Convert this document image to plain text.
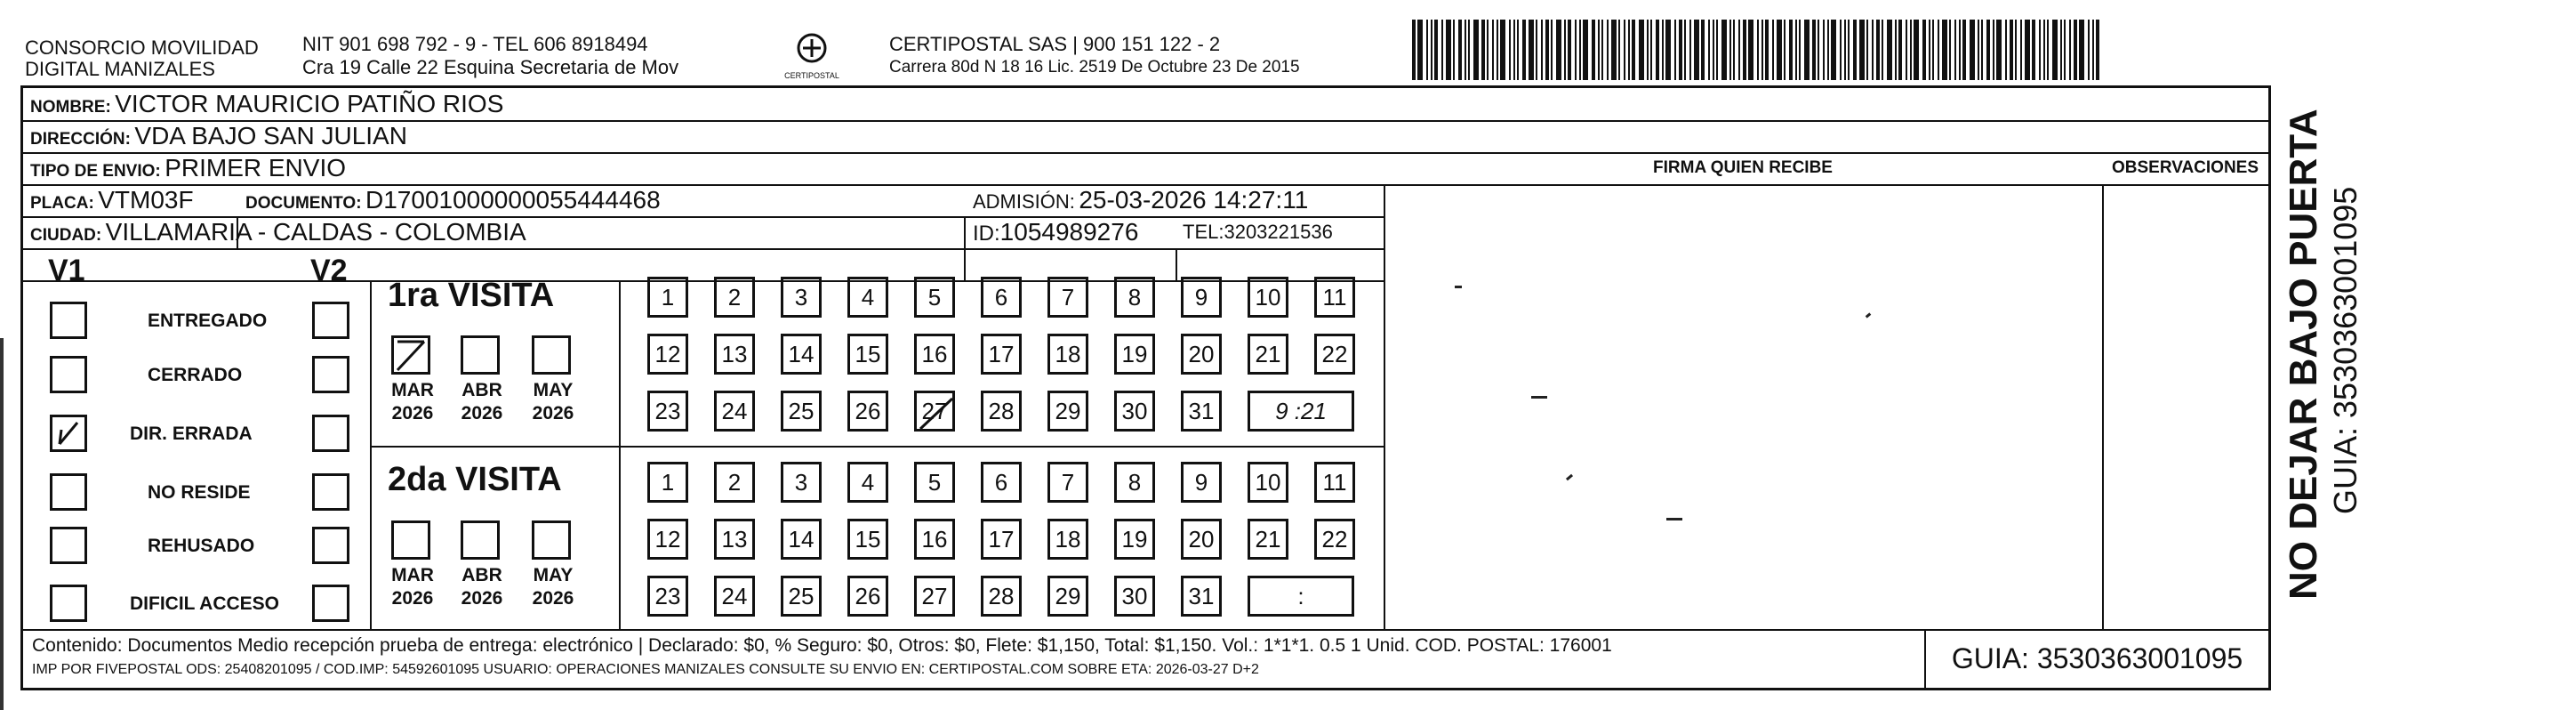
CONSORCIO MOVILIDAD
DIGITAL MANIZALES
NIT 901 698 792 - 9 - TEL 606 8918494
Cra 19 Calle 22 Esquina Secretaria de Mov	CERTIPOSTAL
CERTIPOSTAL SAS | 900 151 122 - 2
Carrera 80d N 18 16 Lic. 2519 De Octubre 23 De 2015
NOMBRE: VICTOR MAURICIO PATIÑO RIOS
DIRECCIÓN: VDA BAJO SAN JULIAN
TIPO DE ENVIO: PRIMER ENVIO	FIRMA QUIEN RECIBE	OBSERVACIONES
PLACA: VTM03F	DOCUMENTO: D17001000000055444468	ADMISIÓN: 25-03-2026 14:27:11
CIUDAD: VILLAMARIA - CALDAS - COLOMBIA	ID:1054989276 TEL:3203221536
V1	V2
ENTREGADO
CERRADO
DIR. ERRADA
NO RESIDE
REHUSADO
DIFICIL ACCESO
1ra VISITA
2da VISITA
MAR
2026
ABR
2026
MAY
2026
1	2	3	4	5	6	7	8	9	10	11
12	13	14	15	16	17	18	19	20	21	22
23	24	25	26	27	28	29	30	31	9 :21
MAR
2026
ABR
2026
MAY
2026
1	2	3	4	5	6	7	8	9	10	11
12	13	14	15	16	17	18	19	20	21	22
23	24	25	26	27	28	29	30	31	:
Contenido: Documentos Medio recepción prueba de entrega: electrónico | Declarado: $0, % Seguro: $0, Otros: $0, Flete: $1,150, Total: $1,150. Vol.: 1*1*1. 0.5 1 Unid. COD. POSTAL: 176001
IMP POR FIVEPOSTAL ODS: 25408201095 / COD.IMP: 54592601095 USUARIO: OPERACIONES MANIZALES CONSULTE SU ENVIO EN: CERTIPOSTAL.COM SOBRE ETA: 2026-03-27 D+2	GUIA: 3530363001095
NO DEJAR BAJO PUERTA GUIA: 3530363001095
